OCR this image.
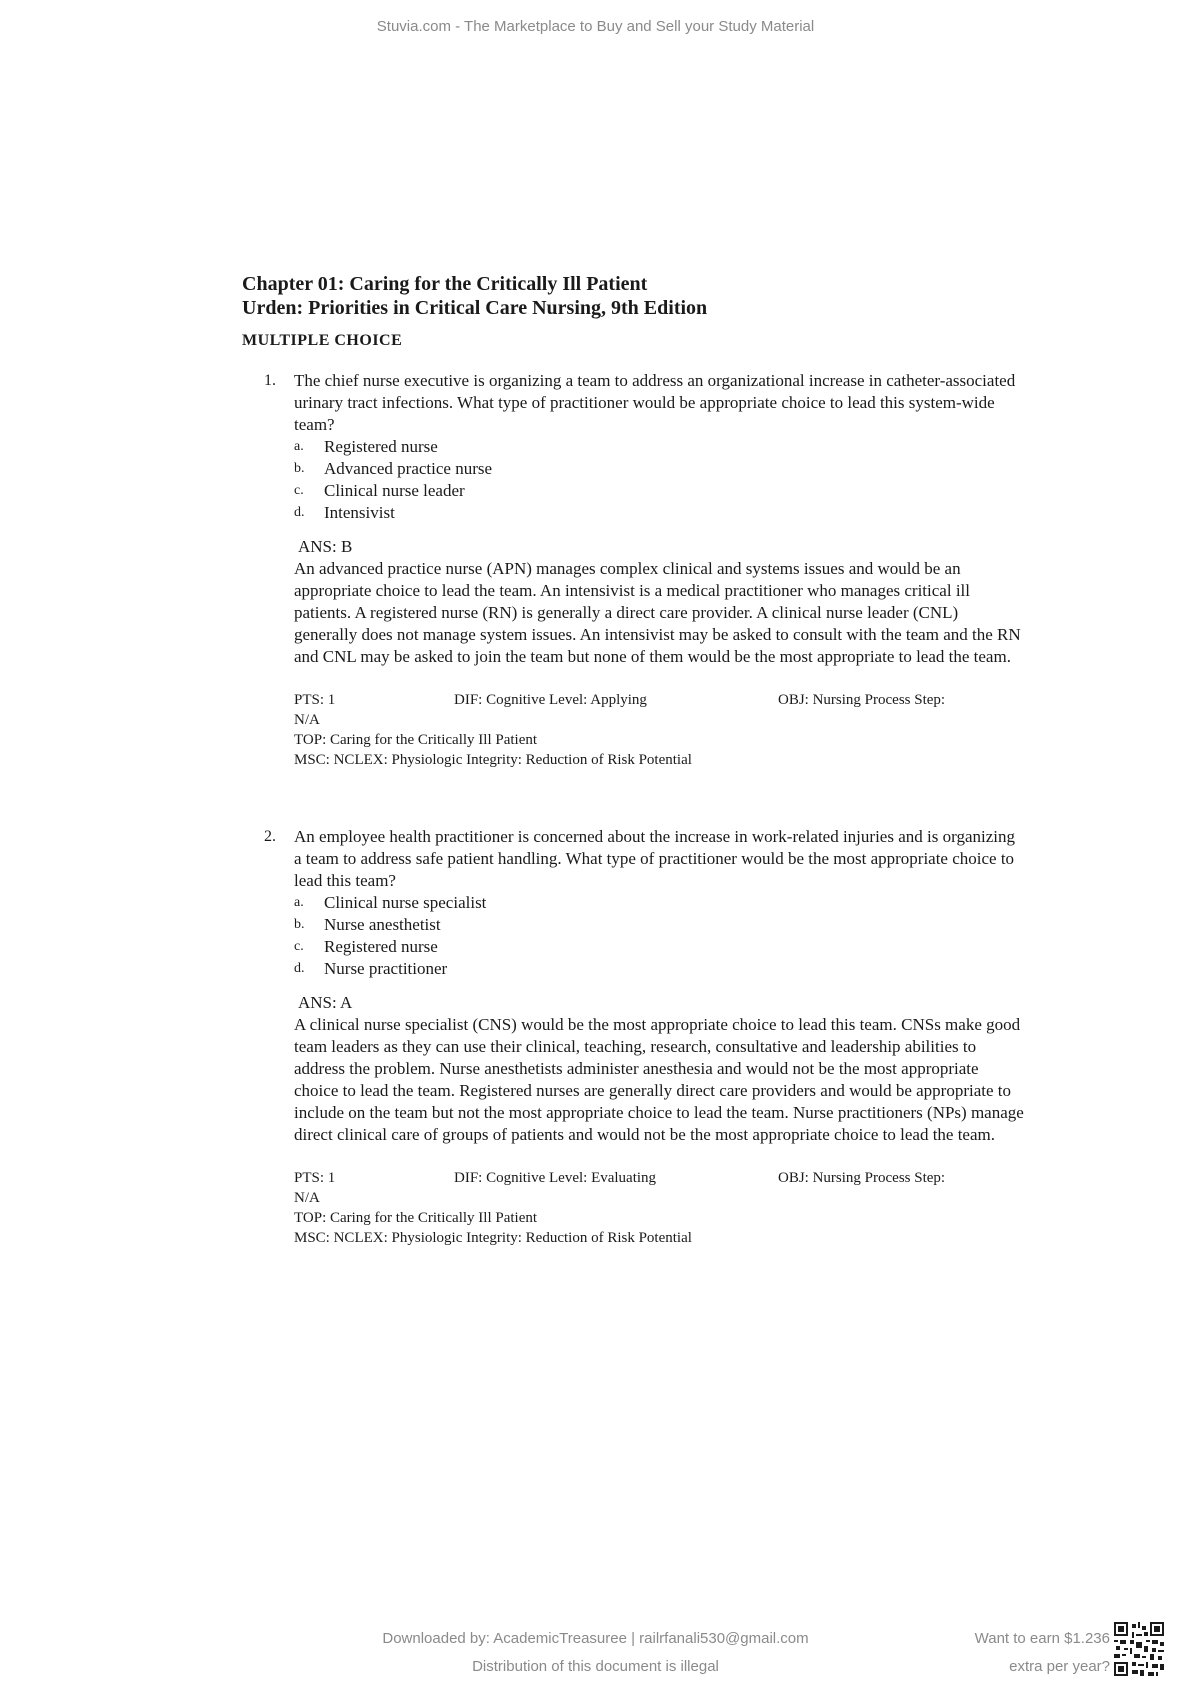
Stuvia.com - The Marketplace to Buy and Sell your Study Material
Chapter 01: Caring for the Critically Ill Patient
Urden: Priorities in Critical Care Nursing, 9th Edition
MULTIPLE CHOICE
1. The chief nurse executive is organizing a team to address an organizational increase in catheter-associated urinary tract infections. What type of practitioner would be appropriate choice to lead this system-wide team?
a. Registered nurse
b. Advanced practice nurse
c. Clinical nurse leader
d. Intensivist
ANS: B
An advanced practice nurse (APN) manages complex clinical and systems issues and would be an appropriate choice to lead the team. An intensivist is a medical practitioner who manages critical ill patients. A registered nurse (RN) is generally a direct care provider. A clinical nurse leader (CNL) generally does not manage system issues. An intensivist may be asked to consult with the team and the RN and CNL may be asked to join the team but none of them would be the most appropriate to lead the team.
PTS: 1	DIF: Cognitive Level: Applying	OBJ: Nursing Process Step:
N/A
TOP: Caring for the Critically Ill Patient
MSC: NCLEX: Physiologic Integrity: Reduction of Risk Potential
2. An employee health practitioner is concerned about the increase in work-related injuries and is organizing a team to address safe patient handling. What type of practitioner would be the most appropriate choice to lead this team?
a. Clinical nurse specialist
b. Nurse anesthetist
c. Registered nurse
d. Nurse practitioner
ANS: A
A clinical nurse specialist (CNS) would be the most appropriate choice to lead this team. CNSs make good team leaders as they can use their clinical, teaching, research, consultative and leadership abilities to address the problem. Nurse anesthetists administer anesthesia and would not be the most appropriate choice to lead the team. Registered nurses are generally direct care providers and would be appropriate to include on the team but not the most appropriate choice to lead the team. Nurse practitioners (NPs) manage direct clinical care of groups of patients and would not be the most appropriate choice to lead the team.
PTS: 1	DIF: Cognitive Level: Evaluating	OBJ: Nursing Process Step:
N/A
TOP: Caring for the Critically Ill Patient
MSC: NCLEX: Physiologic Integrity: Reduction of Risk Potential
Downloaded by: AcademicTreasuree | railrfanali530@gmail.com
Distribution of this document is illegal
Want to earn $1.236
extra per year?
